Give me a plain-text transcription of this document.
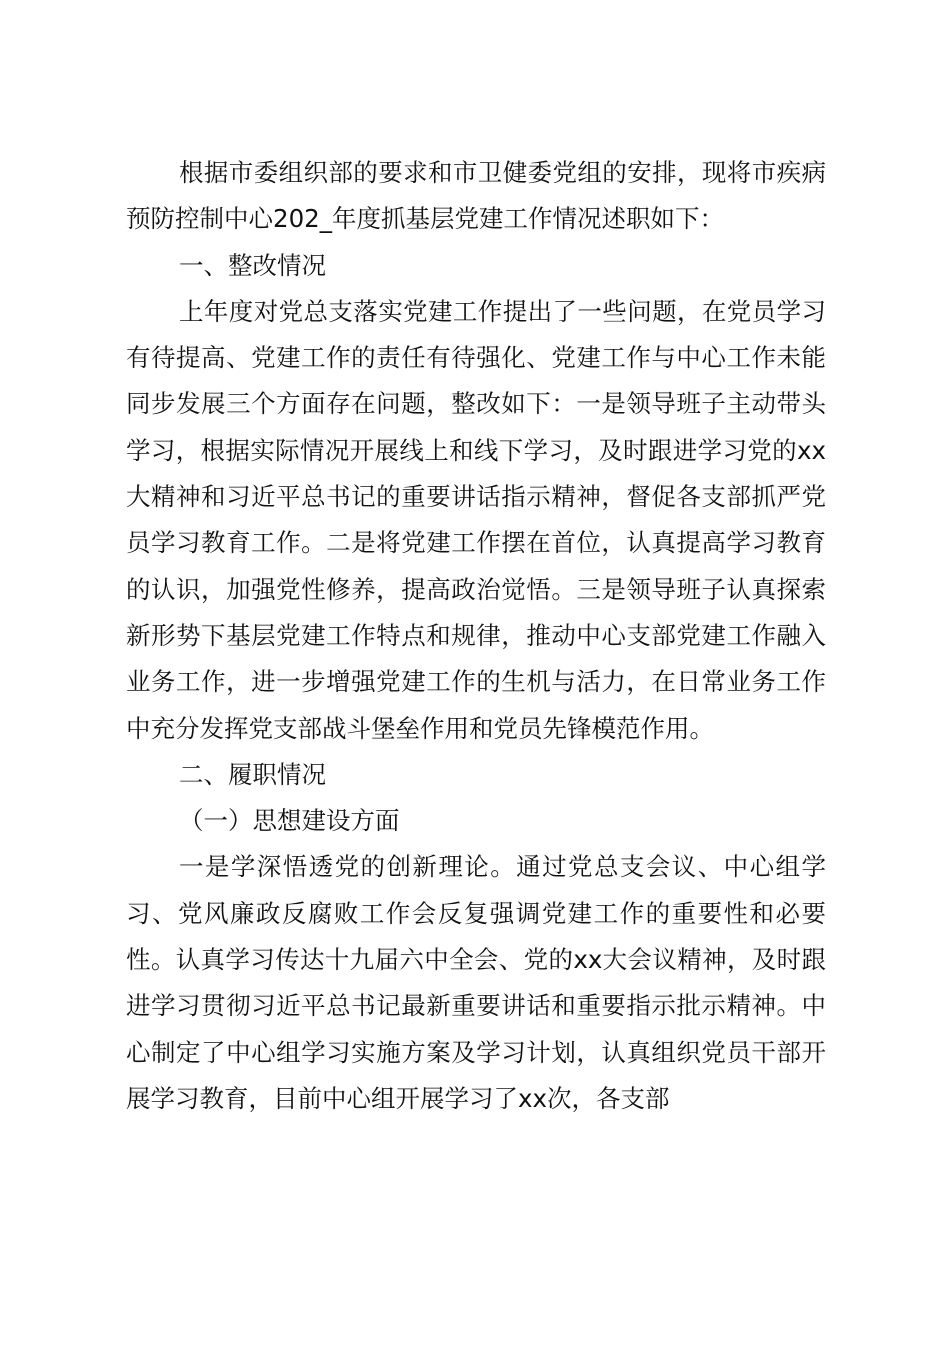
根据市委组织部的要求和市卫健委党组的安排，现将市疾病预防控制中心202_年度抓基层党建工作情况述职如下：

一、整改情况

上年度对党总支落实党建工作提出了一些问题，在党员学习有待提高、党建工作的责任有待强化、党建工作与中心工作未能同步发展三个方面存在问题，整改如下：一是领导班子主动带头学习，根据实际情况开展线上和线下学习，及时跟进学习党的xx大精神和习近平总书记的重要讲话指示精神，督促各支部抓严党员学习教育工作。二是将党建工作摆在首位，认真提高学习教育的认识，加强党性修养，提高政治觉悟。三是领导班子认真探索新形势下基层党建工作特点和规律，推动中心支部党建工作融入业务工作，进一步增强党建工作的生机与活力，在日常业务工作中充分发挥党支部战斗堡垒作用和党员先锋模范作用。

二、履职情况

（一）思想建设方面

一是学深悟透党的创新理论。通过党总支会议、中心组学习、党风廉政反腐败工作会反复强调党建工作的重要性和必要性。认真学习传达十九届六中全会、党的xx大会议精神，及时跟进学习贯彻习近平总书记最新重要讲话和重要指示批示精神。中心制定了中心组学习实施方案及学习计划，认真组织党员干部开展学习教育，目前中心组开展学习了xx次，各支部
